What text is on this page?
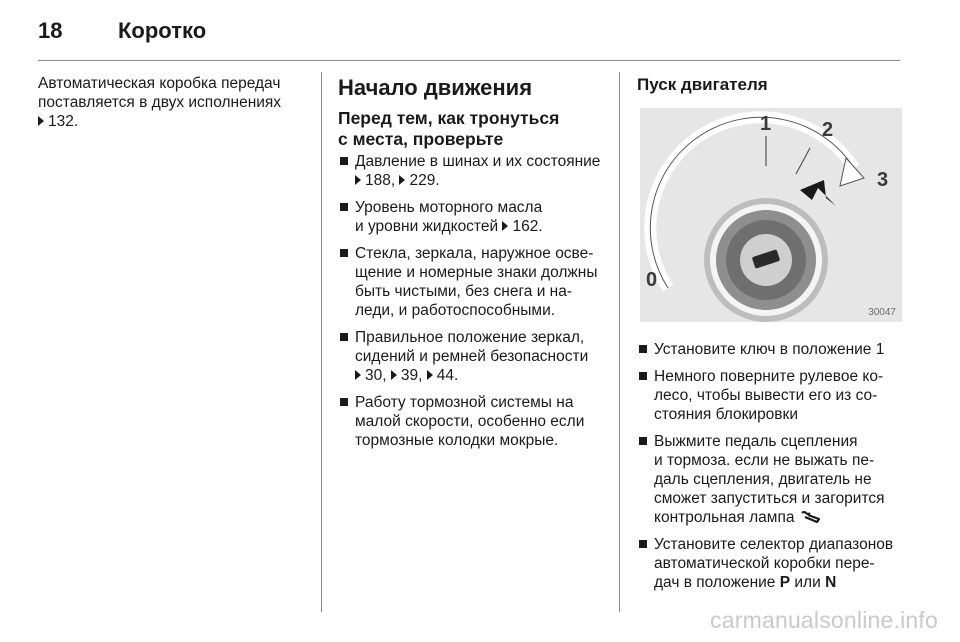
18	Коротко

Автоматическая коробка передач

поставляется в двух исполнениях

132.

Начало движения
Перед тем, как тронуться
с места, проверьте
Давление в шинах и их состояние
188, 229.
Уровень моторного масла
и уровни жидкостей 162.
Стекла, зеркала, наружное осве-
щение и номерные знаки должны
быть чистыми, без снега и на-
леди, и работоспособными.
Правильное положение зеркал,
сидений и ремней безопасности
30, 39, 44.
Работу тормозной системы на
малой скорости, особенно если
тормозные колодки мокрые.
Пуск двигателя
1	2
3
0
30047
Установите ключ в положение 1
Немного поверните рулевое ко-
лесо, чтобы вывести его из со-
стояния блокировки
Выжмите педаль сцепления
и тормоза. если не выжать пе-
даль сцепления, двигатель не
сможет запуститься и загорится
контрольная лампа
Установите селектор диапазонов
автоматической коробки пере-
дач в положение P или N
carmanualsonline.info
